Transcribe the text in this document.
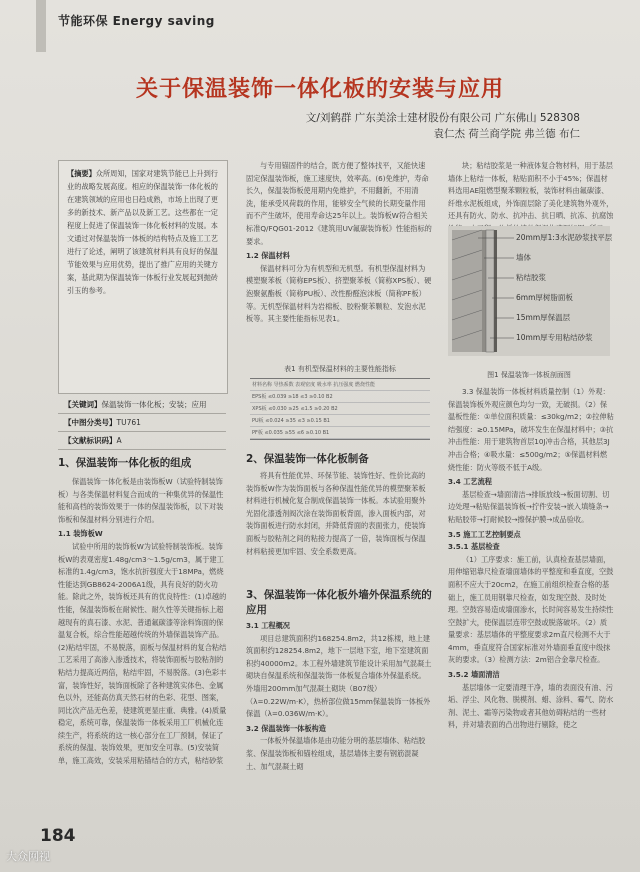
节能环保 Energy saving
关于保温装饰一体化板的安装与应用
文/刘鹤群 广东美涂士建材股份有限公司 广东佛山 528308
袁仁杰 荷兰商学院 弗兰德 布仁
【摘要】众所周知，国家对建筑节能已上升到行业的战略发展高度。相应的保温装饰一体化板的在建筑领域的应用也日趋成熟，市场上出现了更多的新技术、新产品以及新工艺。这些都在一定程度上促进了保温装饰一体化板材料的发展。本文通过对保温装饰一体板的结构特点及施工工艺进行了论述，阐明了该建筑材料具有良好的保温节能效果与应用优势，提出了推广应用的关键方案，基此期为保温装饰一体板行业发展起到抛砖引玉的参考。
【关键词】保温装饰一体化板；安装；应用
【中图分类号】TU761
【文献标识码】A
1、保温装饰一体化板的组成

保温装饰一体化板是由装饰板W（试验特制装饰板）与各类保温材料复合而成的一种集优异的保温性能和高档的装饰效果于一体的保温装饰板，以下对装饰板和保温材料分别进行介绍。

1.1 装饰板W

试验中所用的装饰板W为试验特制装饰板。装饰板W的表观密度1.48g/cm3～1.5g/cm3，属于建工标准的1.4g/cm3，饱水抗折强度大于18MPa，燃烧性能达到GB8624-2006A1级，具有良好的防火功能。除此之外，装饰板还具有的优良特性：(1)卓越的性能，保温装饰板在耐候性、耐久性等关键指标上超越现有的真石漆、水泥、普通氟碳漆等涂料饰面的保温复合板，综合性能超越传统的外墙保温装饰产品。(2)粘结牢固，不易脱落，面板与保温材料的复合粘结工艺采用了高渗入渗透技术，将装饰面板与胶粘剂的粘结力提高近两倍，粘结牢固，不易脱落。(3)色彩丰富，装饰性好，装饰面板除了各种建筑实体色、金属色以外，还能高仿真天然石材的色彩、花型、图案，同比次产品无色差，使建筑更显庄重、典雅。(4)质量稳定，系统可靠，保温装饰一体板采用工厂机械化连续生产，将系统的这一核心部分在工厂预制，保证了系统的保温、装饰效果，更加安全可靠。(5)安装简单，施工高效，安装采用粘锚结合的方式，粘结砂浆

与专用锚固件的结合，既方便了整体找平，又能快速固定保温装饰板，施工速度快，效率高。(6)免维护，寿命长久，保温装饰板使用期内免维护，不用翻新，不用清洗，能承受风荷载的作用，能够安全气候的长期变量作用而不产生破坏，使用寿命达25年以上。装饰板W符合相关标准Q/FQG01-2012《建筑用UV氟碳装饰板》性能指标的要求。

1.2 保温材料

保温材料可分为有机型和无机型。有机型保温材料为模塑聚苯板（简称EPS板）、挤塑聚苯板（简称XPS板）、硬泡聚氨酯板（简称PU板）、改性酚醛泡沫板（简称PF板）等。无机型保温材料为岩棉板、胶粉聚苯颗粒、发泡水泥板等。其主要性能指标见表1。

表1 有机型保温材料的主要性能指标
材料名称 导热系数 表观密度 吸水率 抗压强度 燃烧性能
EPS板 ≤0.039 ≥18 ≤3 ≥0.10 B2
XPS板 ≤0.030 ≥25 ≤1.5 ≥0.20 B2
PU板 ≤0.024 ≥35 ≤3 ≥0.15 B1
PF板 ≤0.035 ≥55 ≤6 ≥0.10 B1
2、保温装饰一体化板制备

将具有性能优异、环保节能、装饰性好、性价比高的装饰板W作为装饰面板与各种保温性能优异的模塑聚苯板材料进行机械化复合制成保温装饰一体板。本试验用聚外光固化漆透剂阀次涂在装饰面板背面，渗入面板内部，对装饰面板进行防水封闭，并降低背面的表面张力，使装饰面板与胶粘剂之间的粘接力提高了一倍，装饰面板与保温材料粘接更加牢固、安全系数更高。

3、保温装饰一体化板外墙外保温系统的应用
3.1 工程概况

项目总建筑面积约168254.8m2，共12栋楼，地上建筑面积约128254.8m2，地下一层地下室，地下室建筑面积约40000m2。本工程外墙建筑节能设计采用加气混凝土砌块自保温系统和保温装饰一体板复合墙体外保温系统。外墙用200mm加气混凝土砌块（B07级）（λ=0.22W/m·K），热桥部位做15mm保温装饰一体板外保温（λ=0.036W/m·K）。

3.2 保温装饰一体板构造

一体板外保温墙体是由功能分明的基层墙体、粘结胶浆、保温装饰板和锚栓组成，基层墙体主要有钢筋混凝土、加气混凝土砌

块；粘结胶浆是一种液体复合物材料，用于基层墙体上粘结一体板，粘贴面积不小于45%；保温材料选用AE阻燃型聚苯颗粒板，装饰材料由氟碳漆、纤维水泥板组成，外饰面层除了美化建筑物外观外，还具有防火、防水、抗冲击、抗日晒、抗冻、抗腐蚀

20mm厚1:3水泥砂浆找平层
墙体
粘结胶浆
6mm厚树脂面板
15mm厚保温层
10mm厚专用粘结砂浆
图1 保温装饰一体板剖面图

3.3 保温装饰一体板材料质量控制（1）外观：保温装饰板外观应颜色均匀一致，无破损。（2）保温板性能：①单位面积质量：≤30kg/m2；②拉伸粘结强度：≥0.15MPa，破坏发生在保温材料中；③抗冲击性能：用于建筑物首层10J冲击合格，其他层3J冲击合格；④吸水量：≤500g/m2；⑤保温材料燃烧性能：防火等级不低于A级。

3.4 工艺流程

基层检查→墙面清洁→排版放线→板面切割、切边处理→粘贴保温装饰板→拧件安装→嵌入填缝条→粘贴胶带→打耐候胶→擦保护膜→成品验收。

3.5 施工工艺控制要点
3.5.1 基层检查

（1）工序要求：施工前，认真检查基层墙面，用伸缩铝靠尺检查墙面墙体的平整度和垂直度，空鼓面积不应大于20cm2，在施工前组织检查合格的基础上，施工员用钢靠尺检查，如发现空鼓、及时处理。空鼓容易造成墙面渗水，长时间容易发生持续性空鼓扩大，使保温层连带空鼓或脱落破坏。（2）质量要求：基层墙体的平整度要求2m直尺检测不大于4mm，垂直度符合国家标准对外墙面垂直度中级抹灰的要求。（3）检测方法：2m铝合金靠尺检查。

3.5.2 墙面清洁

基层墙体一定要清理干净，墙的表面没有油、污垢、浮尘、风化物、脱模剂、蜡、涂料、霉气、防水剂、泥土、霜等污染物或者其他妨碍粘结的一些材料，并对墙表面的凸出物进行剔除，使之

184
大众网视
